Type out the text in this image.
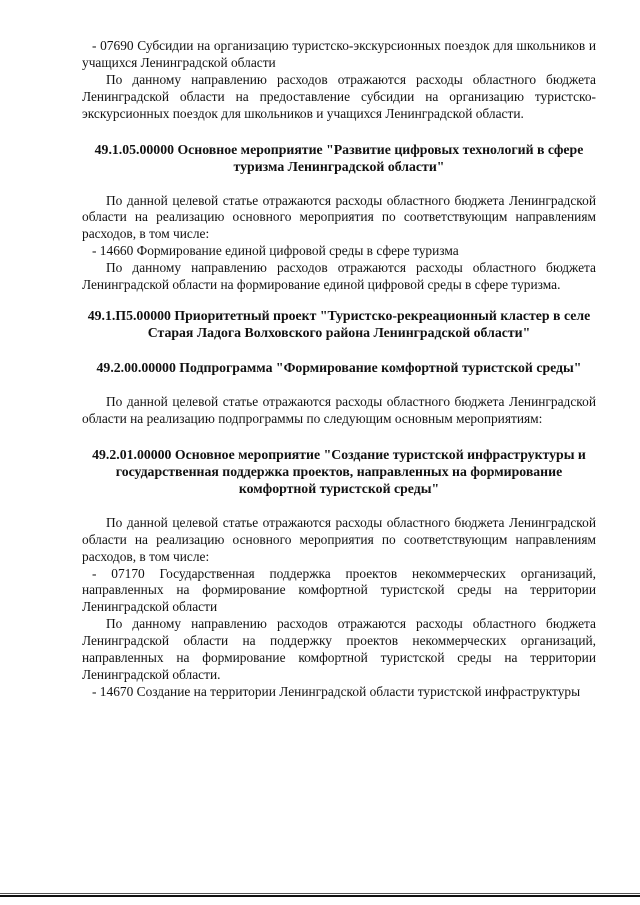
- 07690 Субсидии на организацию туристско-экскурсионных поездок для школьников и учащихся Ленинградской области

По данному направлению расходов отражаются расходы областного бюджета Ленинградской области на предоставление субсидии на организацию туристско-экскурсионных поездок для школьников и учащихся Ленинградской области.

49.1.05.00000 Основное мероприятие "Развитие цифровых технологий в сфере туризма Ленинградской области"

По данной целевой статье отражаются расходы областного бюджета Ленинградской области на реализацию основного мероприятия по соответствующим направлениям расходов, в том числе:

- 14660 Формирование единой цифровой среды в сфере туризма

По данному направлению расходов отражаются расходы областного бюджета Ленинградской области на формирование единой цифровой среды в сфере туризма.

49.1.П5.00000 Приоритетный проект "Туристско-рекреационный кластер в селе Старая Ладога Волховского района Ленинградской области"

49.2.00.00000 Подпрограмма "Формирование комфортной туристской среды"

По данной целевой статье отражаются расходы областного бюджета Ленинградской области на реализацию подпрограммы по следующим основным мероприятиям:

49.2.01.00000 Основное мероприятие "Создание туристской инфраструктуры и государственная поддержка проектов, направленных на формирование комфортной туристской среды"

По данной целевой статье отражаются расходы областного бюджета Ленинградской области на реализацию основного мероприятия по соответствующим направлениям расходов, в том числе:

- 07170 Государственная поддержка проектов некоммерческих организаций, направленных на формирование комфортной туристской среды на территории Ленинградской области

По данному направлению расходов отражаются расходы областного бюджета Ленинградской области на поддержку проектов некоммерческих организаций, направленных на формирование комфортной туристской среды на территории Ленинградской области.

- 14670 Создание на территории Ленинградской области туристской инфраструктуры
